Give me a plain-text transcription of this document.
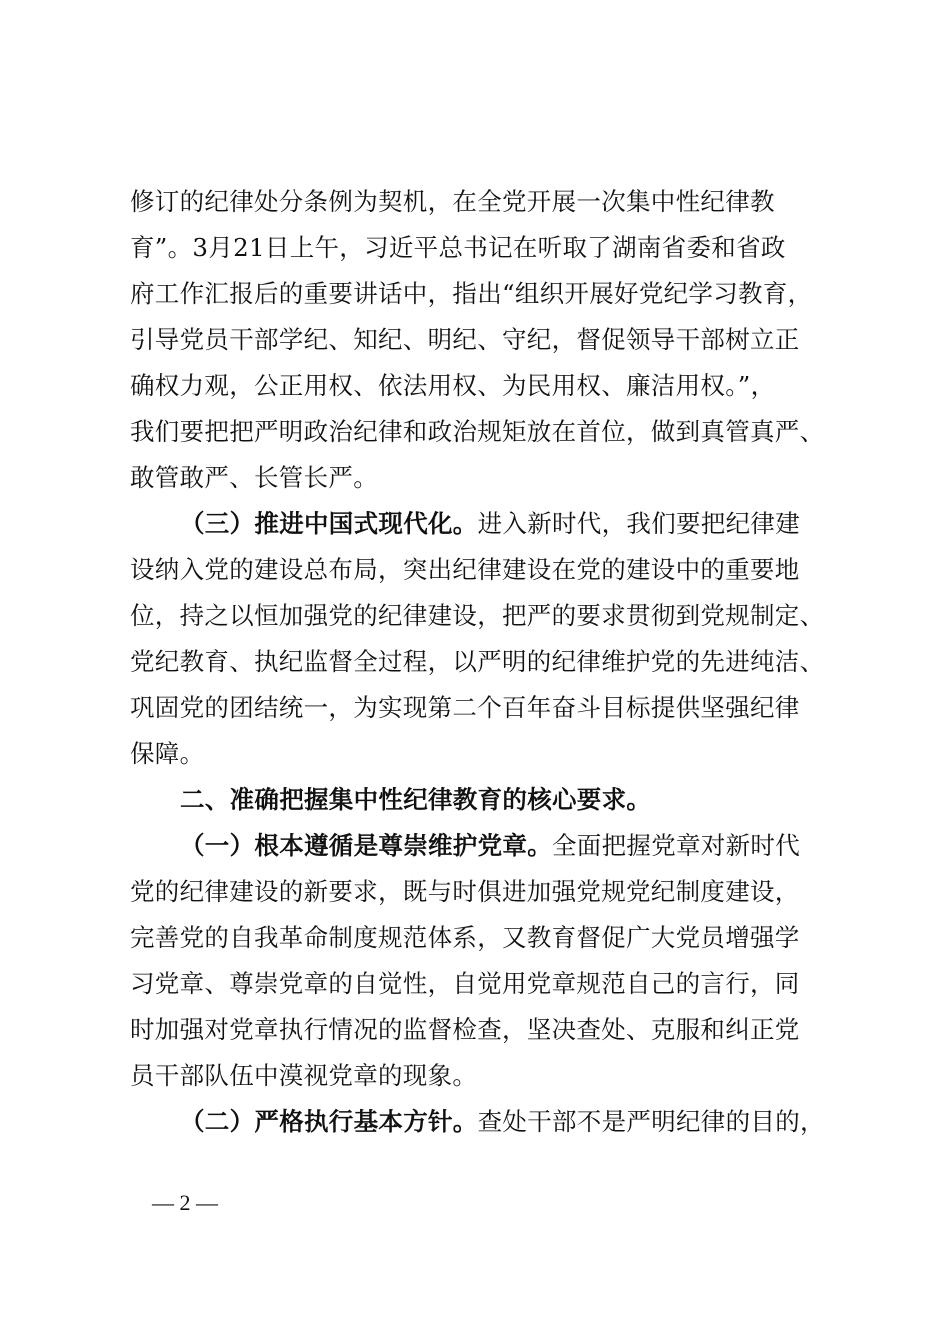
修订的纪律处分条例为契机，在全党开展一次集中性纪律教
育”。3月21日上午，习近平总书记在听取了湖南省委和省政
府工作汇报后的重要讲话中，指出“组织开展好党纪学习教育，
引导党员干部学纪、知纪、明纪、守纪，督促领导干部树立正
确权力观，公正用权、依法用权、为民用权、廉洁用权。”，
我们要把把严明政治纪律和政治规矩放在首位，做到真管真严、
敢管敢严、长管长严。
（三）推进中国式现代化。进入新时代，我们要把纪律建
设纳入党的建设总布局，突出纪律建设在党的建设中的重要地
位，持之以恒加强党的纪律建设，把严的要求贯彻到党规制定、
党纪教育、执纪监督全过程，以严明的纪律维护党的先进纯洁、
巩固党的团结统一，为实现第二个百年奋斗目标提供坚强纪律
保障。
二、准确把握集中性纪律教育的核心要求。
（一）根本遵循是尊崇维护党章。全面把握党章对新时代
党的纪律建设的新要求，既与时俱进加强党规党纪制度建设，
完善党的自我革命制度规范体系，又教育督促广大党员增强学
习党章、尊崇党章的自觉性，自觉用党章规范自己的言行，同
时加强对党章执行情况的监督检查，坚决查处、克服和纠正党
员干部队伍中漠视党章的现象。
（二）严格执行基本方针。查处干部不是严明纪律的目的，
— 2 —
